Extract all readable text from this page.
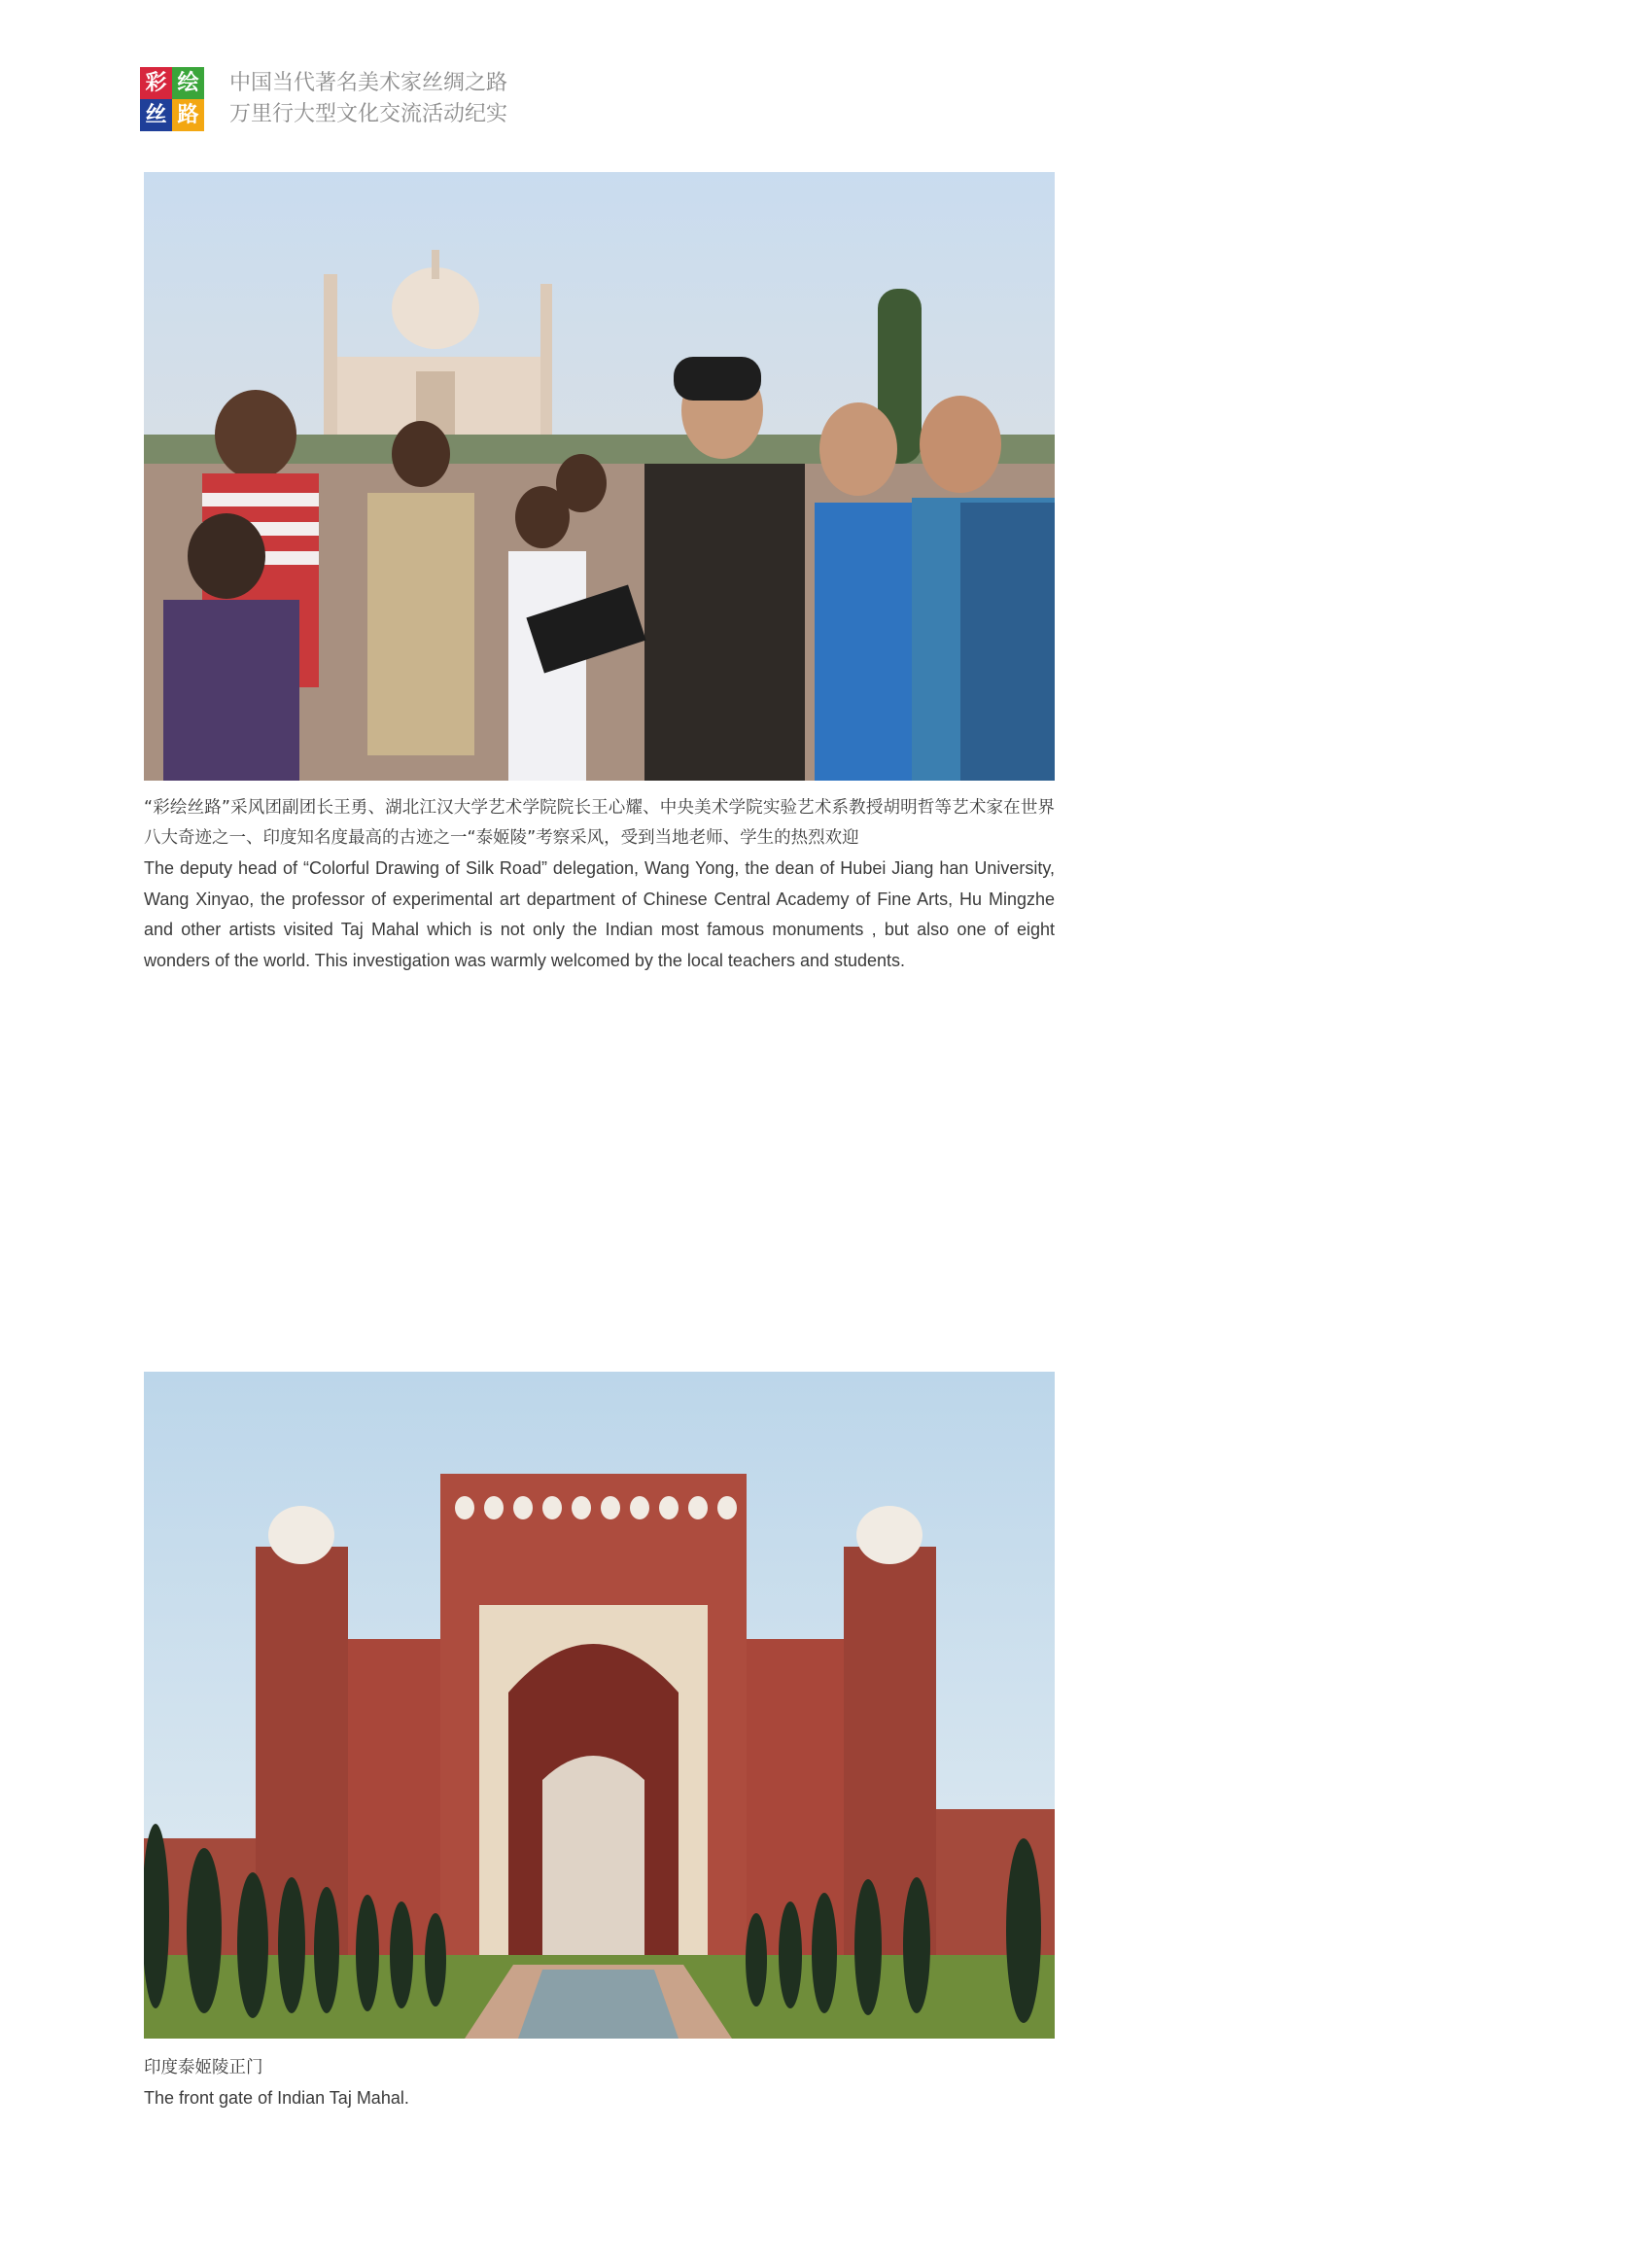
彩 绘
丝 路
中国当代著名美术家丝绸之路
万里行大型文化交流活动纪实
“彩绘丝路”采风团副团长王勇、湖北江汉大学艺术学院院长王心耀、中央美术学院实验艺术系教授胡明哲等艺术家在世界八大奇迹之一、印度知名度最高的古迹之一“泰姬陵”考察采风，受到当地老师、学生的热烈欢迎
The deputy head of “Colorful Drawing of Silk Road” delegation, Wang Yong, the dean of Hubei Jiang han University, Wang Xinyao, the professor of experimental art department of Chinese Central Academy of Fine Arts, Hu Mingzhe and other artists visited Taj Mahal which is not only the Indian most famous monuments , but also one of eight wonders of the world. This investigation was warmly welcomed by the local teachers and students.
印度泰姬陵正门
The front gate of Indian Taj Mahal.
